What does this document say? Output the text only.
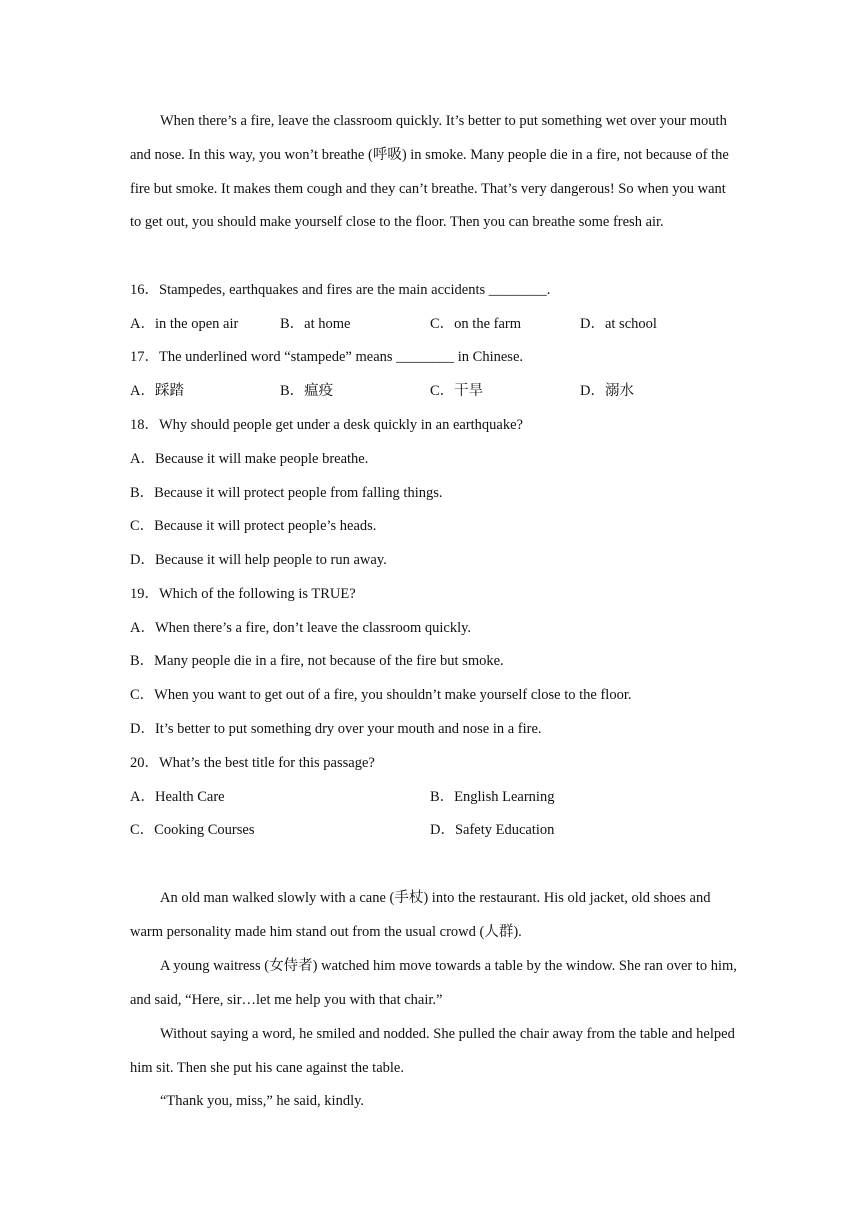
When there’s a fire, leave the classroom quickly. It’s better to put something wet over your mouth and nose. In this way, you won’t breathe (呼吸) in smoke. Many people die in a fire, not because of the fire but smoke. It makes them cough and they can’t breathe. That’s very dangerous! So when you want to get out, you should make yourself close to the floor. Then you can breathe some fresh air.
16．Stampedes, earthquakes and fires are the main accidents ________.
A．in the open air	B．at home	C．on the farm	D．at school
17．The underlined word “stampede” means ________ in Chinese.
A．踩踏	B．瘟疫	C．干旱	D．溺水
18．Why should people get under a desk quickly in an earthquake?
A．Because it will make people breathe.
B．Because it will protect people from falling things.
C．Because it will protect people’s heads.
D．Because it will help people to run away.
19．Which of the following is TRUE?
A．When there’s a fire, don’t leave the classroom quickly.
B．Many people die in a fire, not because of the fire but smoke.
C．When you want to get out of a fire, you shouldn’t make yourself close to the floor.
D．It’s better to put something dry over your mouth and nose in a fire.
20．What’s the best title for this passage?
A．Health Care	B．English Learning
C．Cooking Courses	D．Safety Education
An old man walked slowly with a cane (手杖) into the restaurant. His old jacket, old shoes and warm personality made him stand out from the usual crowd (人群).
A young waitress (女侍者) watched him move towards a table by the window. She ran over to him, and said, “Here, sir…let me help you with that chair.”
Without saying a word, he smiled and nodded. She pulled the chair away from the table and helped him sit. Then she put his cane against the table.
“Thank you, miss,” he said, kindly.
